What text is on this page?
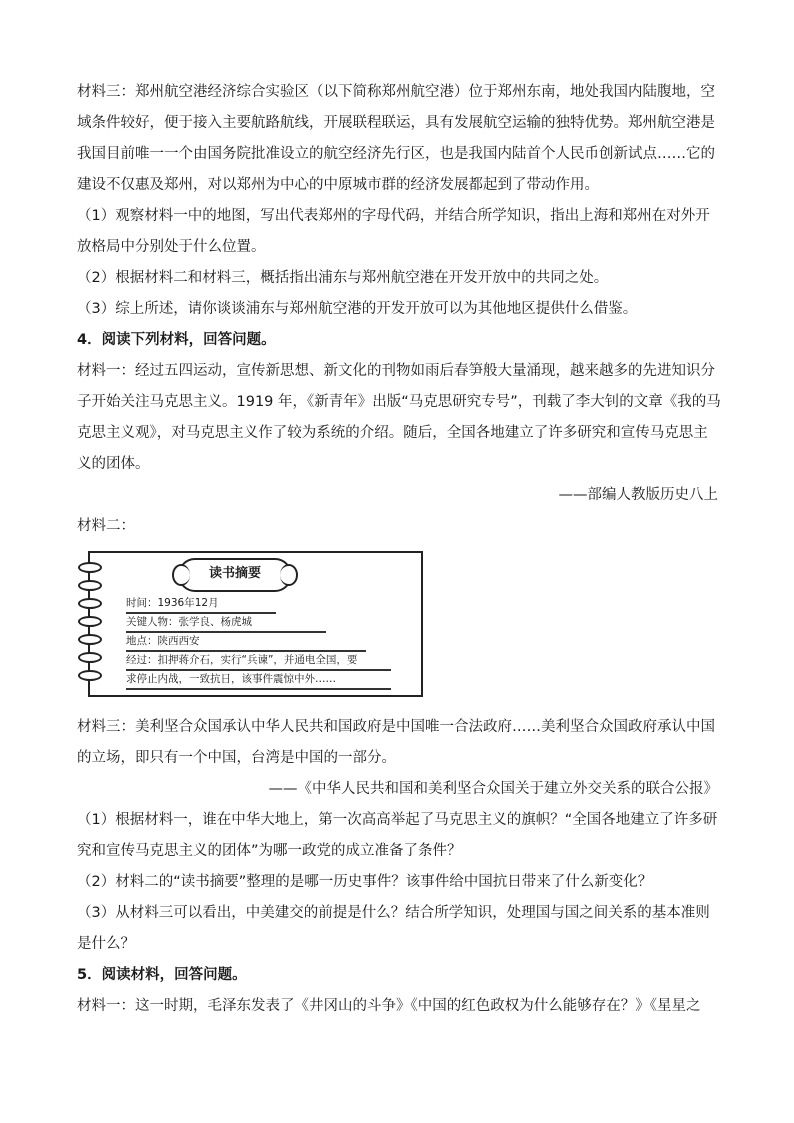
材料三：郑州航空港经济综合实验区（以下简称郑州航空港）位于郑州东南，地处我国内陆腹地，空
域条件较好，便于接入主要航路航线，开展联程联运，具有发展航空运输的独特优势。郑州航空港是
我国目前唯一一个由国务院批准设立的航空经济先行区，也是我国内陆首个人民币创新试点……它的
建设不仅惠及郑州，对以郑州为中心的中原城市群的经济发展都起到了带动作用。
（1）观察材料一中的地图，写出代表郑州的字母代码，并结合所学知识，指出上海和郑州在对外开
放格局中分别处于什么位置。
（2）根据材料二和材料三，概括指出浦东与郑州航空港在开发开放中的共同之处。
（3）综上所述，请你谈谈浦东与郑州航空港的开发开放可以为其他地区提供什么借鉴。
4．阅读下列材料，回答问题。
材料一：经过五四运动，宣传新思想、新文化的刊物如雨后春笋般大量涌现，越来越多的先进知识分
子开始关注马克思主义。1919 年，《新青年》出版“马克思研究专号”，刊载了李大钊的文章《我的马
克思主义观》，对马克思主义作了较为系统的介绍。随后，全国各地建立了许多研究和宣传马克思主
义的团体。
——部编人教版历史八上
材料二：
读书摘要
时间：1936年12月
关键人物：张学良、杨虎城
地点：陕西西安
经过：扣押蒋介石，实行“兵谏”，并通电全国，要
求停止内战，一致抗日，该事件震惊中外……
材料三：美利坚合众国承认中华人民共和国政府是中国唯一合法政府……美利坚合众国政府承认中国
的立场，即只有一个中国，台湾是中国的一部分。
——《中华人民共和国和美利坚合众国关于建立外交关系的联合公报》
（1）根据材料一，谁在中华大地上，第一次高高举起了马克思主义的旗帜？“全国各地建立了许多研
究和宣传马克思主义的团体”为哪一政党的成立准备了条件？
（2）材料二的“读书摘要”整理的是哪一历史事件？该事件给中国抗日带来了什么新变化？
（3）从材料三可以看出，中美建交的前提是什么？结合所学知识，处理国与国之间关系的基本准则
是什么？
5．阅读材料，回答问题。
材料一：这一时期，毛泽东发表了《井冈山的斗争》《中国的红色政权为什么能够存在？》《星星之
